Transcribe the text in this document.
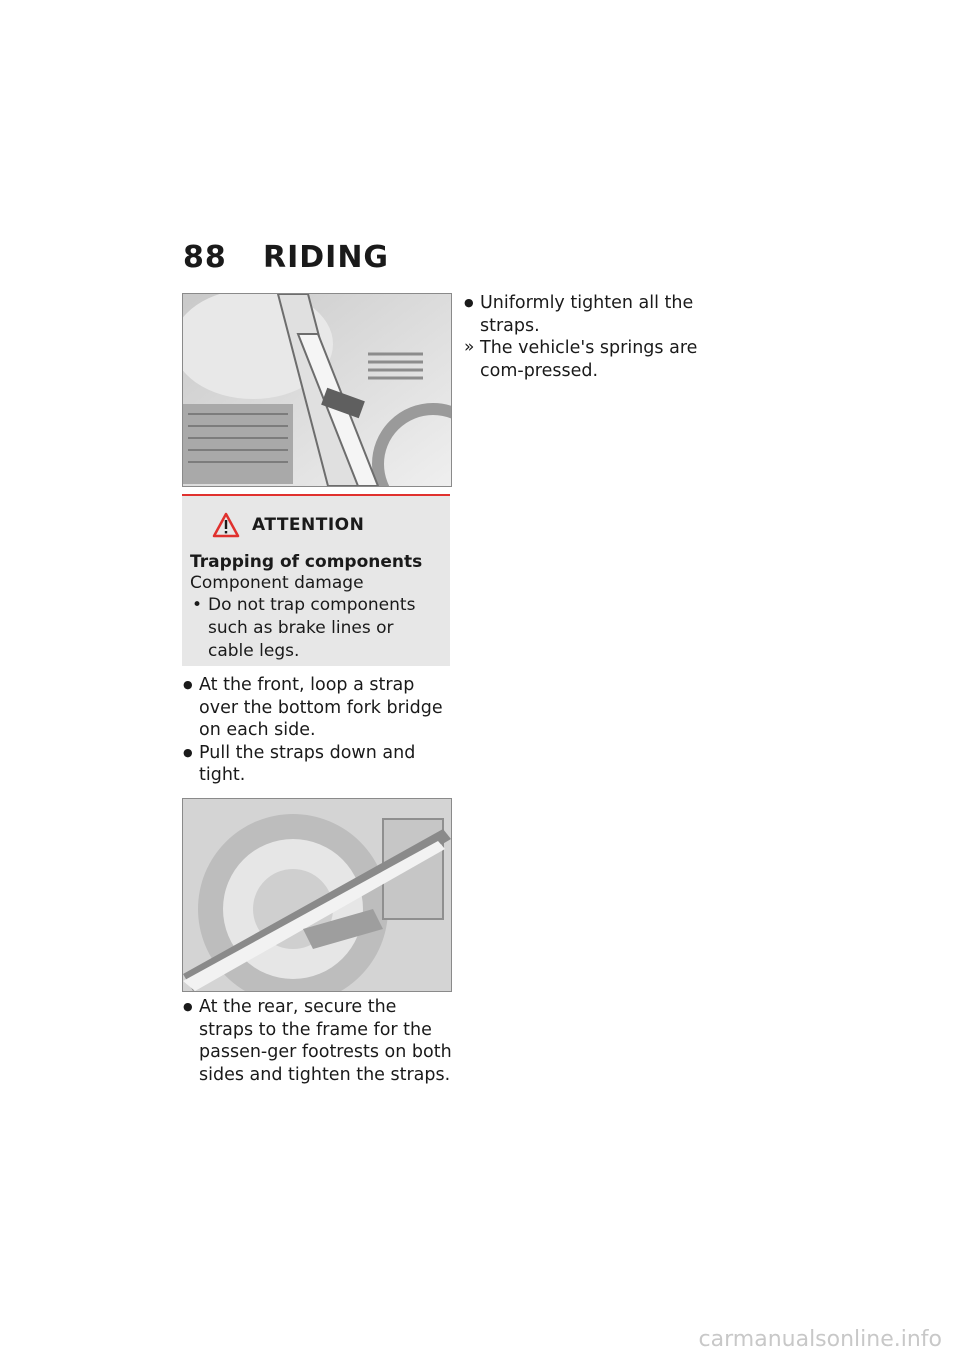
88 RIDING
ATTENTION
Trapping of components
Component damage
• Do not trap components such as brake lines or cable legs.
● At the front, loop a strap over the bottom fork bridge on each side.
● Pull the straps down and tight.
● At the rear, secure the straps to the frame for the passen-ger footrests on both sides and tighten the straps.
● Uniformly tighten all the straps.
» The vehicle's springs are com-pressed.
carmanualsonline.info
